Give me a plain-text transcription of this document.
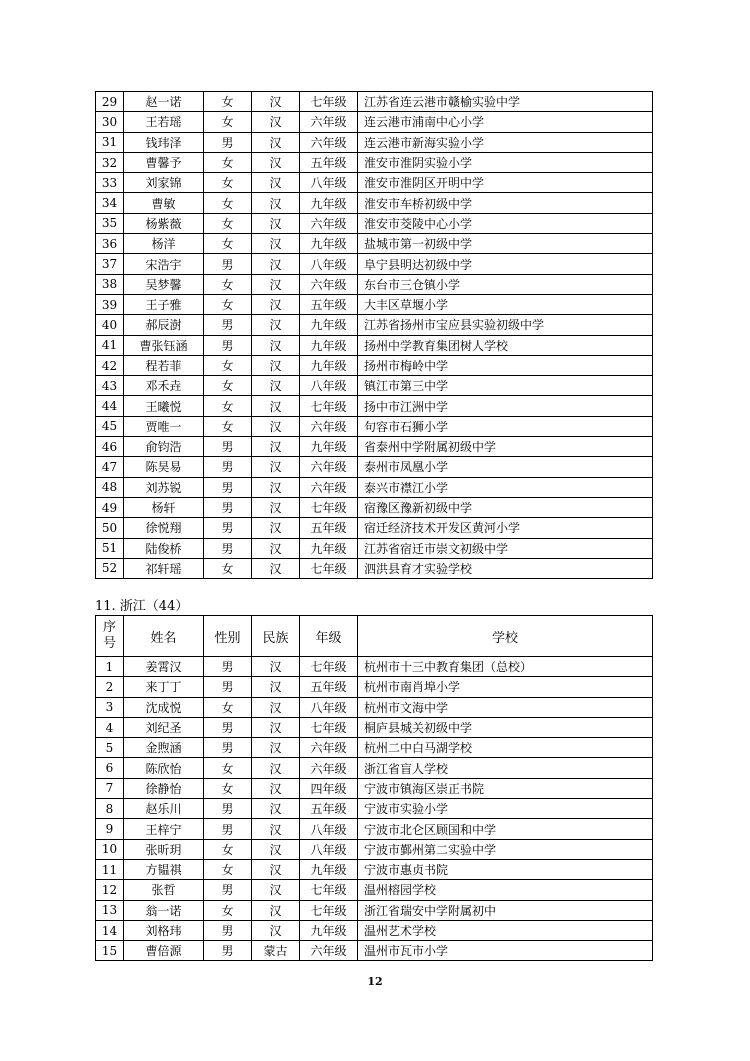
29	赵一诺	女	汉	七年级	江苏省连云港市赣榆实验中学
30	王若瑶	女	汉	六年级	连云港市浦南中心小学
31	钱玮泽	男	汉	六年级	连云港市新海实验小学
32	曹馨予	女	汉	五年级	淮安市淮阴实验小学
33	刘家锦	女	汉	八年级	淮安市淮阴区开明中学
34	曹敏	女	汉	九年级	淮安市车桥初级中学
35	杨紫薇	女	汉	六年级	淮安市茭陵中心小学
36	杨洋	女	汉	九年级	盐城市第一初级中学
37	宋浩宇	男	汉	八年级	阜宁县明达初级中学
38	吴梦馨	女	汉	六年级	东台市三仓镇小学
39	王子雅	女	汉	五年级	大丰区草堰小学
40	郝辰澍	男	汉	九年级	江苏省扬州市宝应县实验初级中学
41	曹张钰涵	男	汉	九年级	扬州中学教育集团树人学校
42	程若菲	女	汉	九年级	扬州市梅岭中学
43	邓禾垚	女	汉	八年级	镇江市第三中学
44	王曦悦	女	汉	七年级	扬中市江洲中学
45	贾唯一	女	汉	六年级	句容市石狮小学
46	俞钧浩	男	汉	九年级	省泰州中学附属初级中学
47	陈昊易	男	汉	六年级	泰州市凤凰小学
48	刘苏锐	男	汉	六年级	泰兴市襟江小学
49	杨轩	男	汉	七年级	宿豫区豫新初级中学
50	徐悦翔	男	汉	五年级	宿迁经济技术开发区黄河小学
51	陆俊桥	男	汉	九年级	江苏省宿迁市崇文初级中学
52	祁轩瑶	女	汉	七年级	泗洪县育才实验学校
11. 浙江（44）
序号	姓名	性别	民族	年级	学校
1	姜霄汉	男	汉	七年级	杭州市十三中教育集团（总校）
2	来丁丁	男	汉	五年级	杭州市南肖埠小学
3	沈成悦	女	汉	八年级	杭州市文海中学
4	刘纪圣	男	汉	七年级	桐庐县城关初级中学
5	金煦涵	男	汉	六年级	杭州二中白马湖学校
6	陈欣怡	女	汉	六年级	浙江省盲人学校
7	徐静怡	女	汉	四年级	宁波市镇海区崇正书院
8	赵乐川	男	汉	五年级	宁波市实验小学
9	王梓宁	男	汉	八年级	宁波市北仑区顾国和中学
10	张昕玥	女	汉	八年级	宁波市鄞州第二实验中学
11	方韫祺	女	汉	九年级	宁波市惠贞书院
12	张哲	男	汉	七年级	温州榕园学校
13	翁一诺	女	汉	七年级	浙江省瑞安中学附属初中
14	刘格玮	男	汉	九年级	温州艺术学校
15	曹倍源	男	蒙古	六年级	温州市瓦市小学
12
